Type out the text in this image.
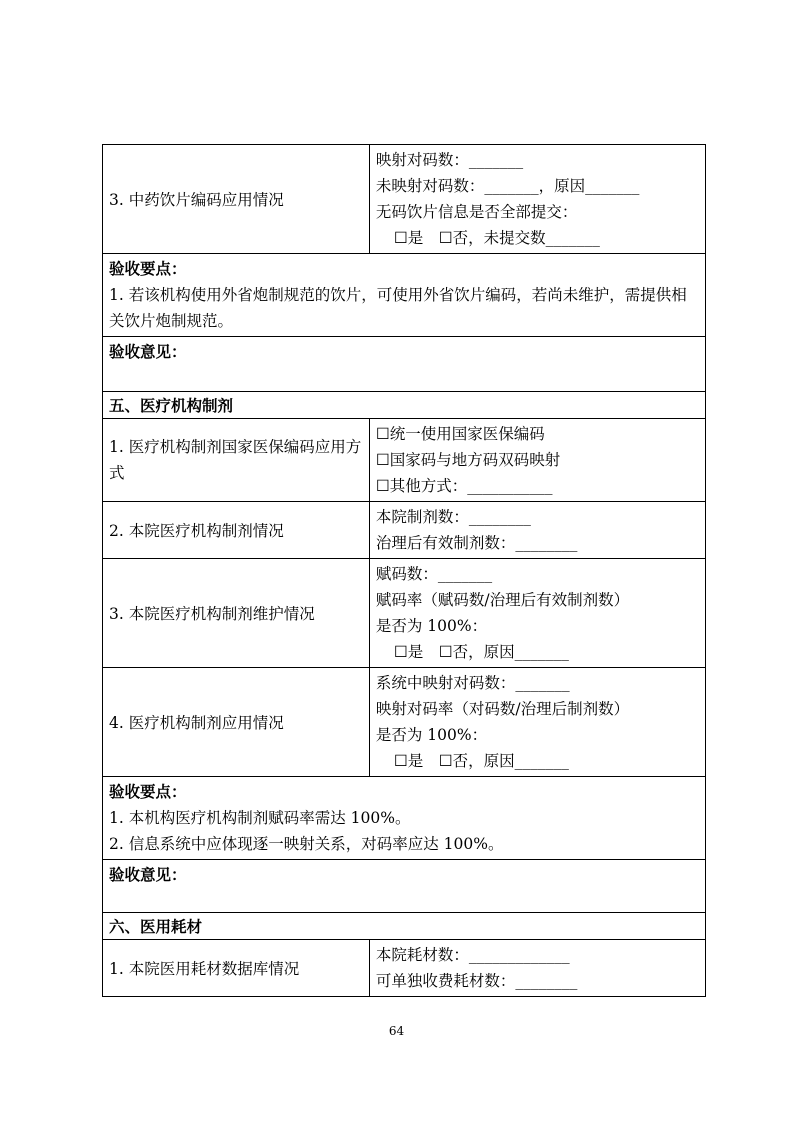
3. 中药饮片编码应用情况	映射对码数：_______
未映射对码数：_______，原因_______
无码饮片信息是否全部提交：
☐是　☐否，未提交数_______

验收要点：
1. 若该机构使用外省炮制规范的饮片，可使用外省饮片编码，若尚未维护，需提供相关饮片炮制规范。	

验收意见：	

五、医疗机构制剂	
1. 医疗机构制剂国家医保编码应用方式	☐统一使用国家医保编码
☐国家码与地方码双码映射
☐其他方式：___________

2. 本院医疗机构制剂情况	本院制剂数：________
治理后有效制剂数：________

3. 本院医疗机构制剂维护情况	赋码数：_______
赋码率（赋码数/治理后有效制剂数）
是否为 100%：
☐是　☐否，原因_______

4. 医疗机构制剂应用情况	系统中映射对码数：_______
映射对码率（对码数/治理后制剂数）
是否为 100%：
☐是　☐否，原因_______

验收要点：
1. 本机构医疗机构制剂赋码率需达 100%。
2. 信息系统中应体现逐一映射关系，对码率应达 100%。	

验收意见：	

六、医用耗材	
1. 本院医用耗材数据库情况	本院耗材数：_____________
可单独收费耗材数：________
64
